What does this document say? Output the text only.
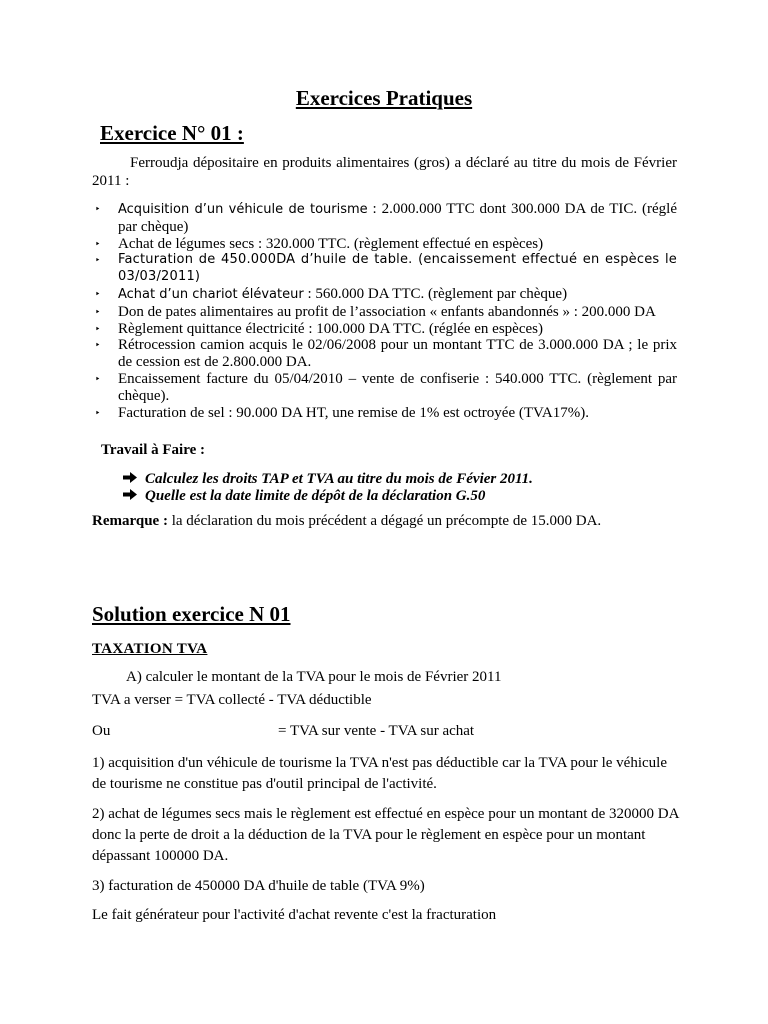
Exercices Pratiques
Exercice N° 01 :
Ferroudja dépositaire en produits alimentaires (gros) a déclaré au titre du mois de Février 2011 :
‣ Acquisition d’un véhicule de tourisme : 2.000.000 TTC dont 300.000 DA de TIC. (réglé par chèque)
‣ Achat de légumes secs : 320.000 TTC. (règlement effectué en espèces)
‣ Facturation de 450.000DA d’huile de table. (encaissement effectué en espèces le 03/03/2011)
‣ Achat d’un chariot élévateur : 560.000 DA TTC. (règlement par chèque)
‣ Don de pates alimentaires au profit de l’association « enfants abandonnés » : 200.000 DA
‣ Règlement quittance électricité : 100.000 DA TTC. (réglée en espèces)
‣ Rétrocession camion acquis le 02/06/2008 pour un montant TTC de 3.000.000 DA ; le prix de cession est de 2.800.000 DA.
‣ Encaissement facture du 05/04/2010 – vente de confiserie : 540.000 TTC. (règlement par chèque).
‣ Facturation de sel : 90.000 DA HT, une remise de 1% est octroyée (TVA17%).
Travail à Faire :
Calculez les droits TAP et TVA au titre du mois de Févier 2011.
Quelle est la date limite de dépôt de la déclaration G.50
Remarque : la déclaration du mois précédent a dégagé un précompte de 15.000 DA.
Solution exercice N 01
TAXATION TVA
A) calculer le montant de la TVA pour le mois de Février 2011
TVA a verser = TVA collecté - TVA déductible
Ou	= TVA sur vente - TVA sur achat
1) acquisition d'un véhicule de tourisme la TVA n'est pas déductible car la TVA pour le véhicule de tourisme ne constitue pas d'outil principal de l'activité.
2) achat de légumes secs mais le règlement est effectué en espèce pour un montant de 320000 DA donc la perte de droit a la déduction de la TVA pour le règlement en espèce pour un montant dépassant 100000 DA.
3) facturation de 450000 DA d'huile de table (TVA 9%)
Le fait générateur pour l'activité d'achat revente c'est la fracturation
